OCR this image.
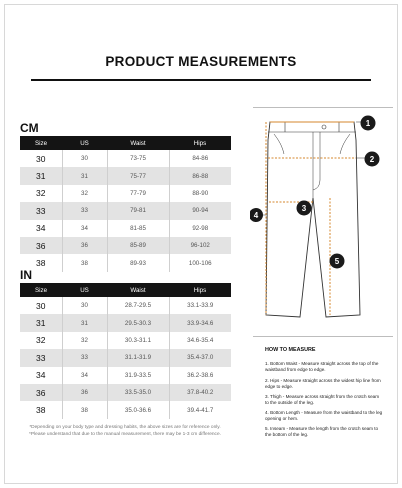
PRODUCT MEASUREMENTS
CM
Size	US	Waist	Hips
30	30	73-75	84-86
31	31	75-77	86-88
32	32	77-79	88-90
33	33	79-81	90-94
34	34	81-85	92-98
36	36	85-89	96-102
38	38	89-93	100-106
IN
Size	US	Waist	Hips
30	30	28.7-29.5	33.1-33.9
31	31	29.5-30.3	33.9-34.6
32	32	30.3-31.1	34.6-35.4
33	33	31.1-31.9	35.4-37.0
34	34	31.9-33.5	36.2-38.6
36	36	33.5-35.0	37.8-40.2
38	38	35.0-36.6	39.4-41.7
*Depending on your body type and dressing habits, the above sizes are for reference only.
*Please understand that due to the manual measurement, there may be 1-3 cm difference.
1
2
3
4
5
HOW TO MEASURE
1. Bottom Waist - Measure straight across the top of the waistband from edge to edge.
2. Hips - Measure straight across the widest hip line from edge to edge.
3. Thigh - Measure across straight from the crotch seam to the outside of the leg.
4. Bottom Length - Measure from the waistband to the leg opening or hem.
5. Inseam - Measure the length from the crotch seam to the bottom of the leg.
